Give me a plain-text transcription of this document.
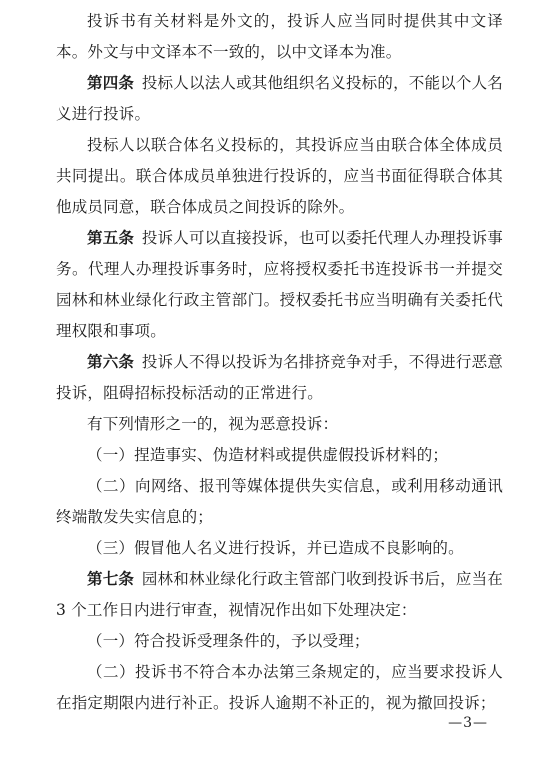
投诉书有关材料是外文的，投诉人应当同时提供其中文译本。外文与中文译本不一致的，以中文译本为准。

第四条 投标人以法人或其他组织名义投标的，不能以个人名义进行投诉。

投标人以联合体名义投标的，其投诉应当由联合体全体成员共同提出。联合体成员单独进行投诉的，应当书面征得联合体其他成员同意，联合体成员之间投诉的除外。

第五条 投诉人可以直接投诉，也可以委托代理人办理投诉事务。代理人办理投诉事务时，应将授权委托书连投诉书一并提交园林和林业绿化行政主管部门。授权委托书应当明确有关委托代理权限和事项。

第六条 投诉人不得以投诉为名排挤竞争对手，不得进行恶意投诉，阻碍招标投标活动的正常进行。

有下列情形之一的，视为恶意投诉：

（一）捏造事实、伪造材料或提供虚假投诉材料的；

（二）向网络、报刊等媒体提供失实信息，或利用移动通讯终端散发失实信息的；

（三）假冒他人名义进行投诉，并已造成不良影响的。

第七条 园林和林业绿化行政主管部门收到投诉书后，应当在 3 个工作日内进行审查，视情况作出如下处理决定：

（一）符合投诉受理条件的，予以受理；

（二）投诉书不符合本办法第三条规定的，应当要求投诉人在指定期限内进行补正。投诉人逾期不补正的，视为撤回投诉；

—3—
